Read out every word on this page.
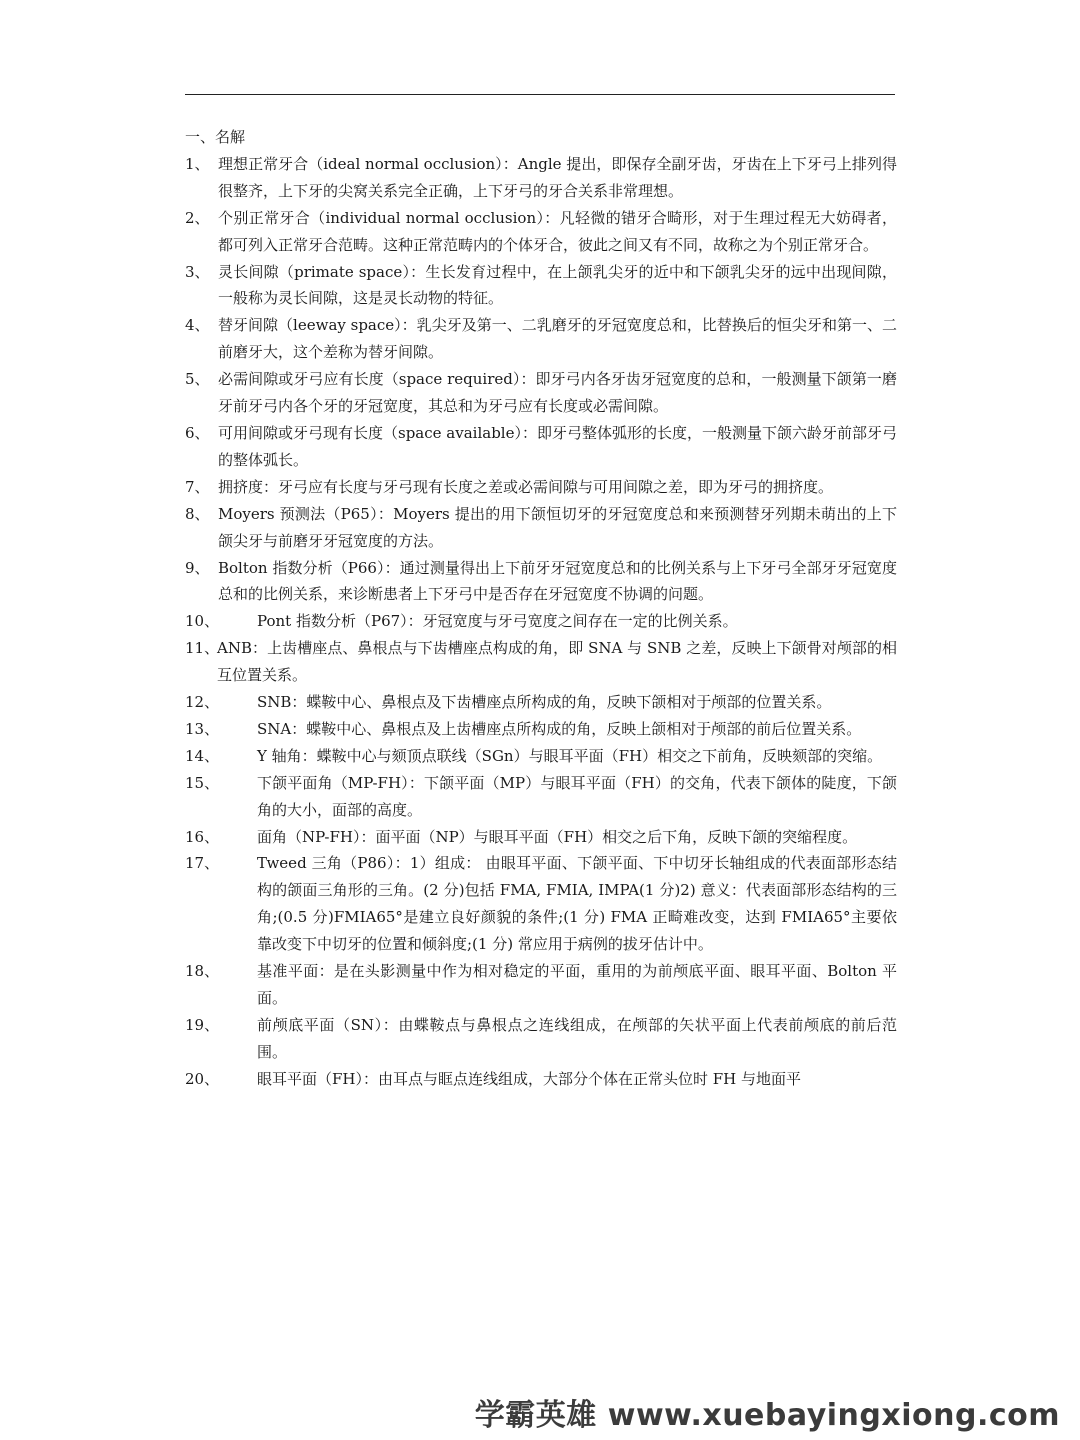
一、名解

1、 理想正常牙合（ideal normal occlusion）：Angle 提出，即保存全副牙齿，牙齿在上下牙弓上排列得很整齐，上下牙的尖窝关系完全正确，上下牙弓的牙合关系非常理想。
2、 个别正常牙合（individual normal occlusion）：凡轻微的错牙合畸形，对于生理过程无大妨碍者，都可列入正常牙合范畴。这种正常范畴内的个体牙合，彼此之间又有不同，故称之为个别正常牙合。
3、 灵长间隙（primate space）：生长发育过程中，在上颌乳尖牙的近中和下颌乳尖牙的远中出现间隙，一般称为灵长间隙，这是灵长动物的特征。
4、 替牙间隙（leeway space）：乳尖牙及第一、二乳磨牙的牙冠宽度总和，比替换后的恒尖牙和第一、二前磨牙大，这个差称为替牙间隙。
5、 必需间隙或牙弓应有长度（space required）：即牙弓内各牙齿牙冠宽度的总和，一般测量下颌第一磨牙前牙弓内各个牙的牙冠宽度，其总和为牙弓应有长度或必需间隙。
6、 可用间隙或牙弓现有长度（space available）：即牙弓整体弧形的长度，一般测量下颌六龄牙前部牙弓的整体弧长。
7、 拥挤度：牙弓应有长度与牙弓现有长度之差或必需间隙与可用间隙之差，即为牙弓的拥挤度。
8、 Moyers 预测法（P65）：Moyers 提出的用下颌恒切牙的牙冠宽度总和来预测替牙列期未萌出的上下颌尖牙与前磨牙牙冠宽度的方法。
9、 Bolton 指数分析（P66）：通过测量得出上下前牙牙冠宽度总和的比例关系与上下牙弓全部牙牙冠宽度总和的比例关系，来诊断患者上下牙弓中是否存在牙冠宽度不协调的问题。
10、	Pont 指数分析（P67）：牙冠宽度与牙弓宽度之间存在一定的比例关系。
11、
ANB：上齿槽座点、鼻根点与下齿槽座点构成的角，即 SNA 与 SNB 之差，反映上下颌骨对颅部的相互位置关系。
12、	SNB：蝶鞍中心、鼻根点及下齿槽座点所构成的角，反映下颌相对于颅部的位置关系。
13、	SNA：蝶鞍中心、鼻根点及上齿槽座点所构成的角，反映上颌相对于颅部的前后位置关系。
14、	Y 轴角：蝶鞍中心与颏顶点联线（SGn）与眼耳平面（FH）相交之下前角，反映颏部的突缩。
15、	下颌平面角（MP-FH）：下颌平面（MP）与眼耳平面（FH）的交角，代表下颌体的陡度，下颌角的大小，面部的高度。
16、	面角（NP-FH）：面平面（NP）与眼耳平面（FH）相交之后下角，反映下颌的突缩程度。
17、	Tweed 三角（P86）：1）组成： 由眼耳平面、下颌平面、下中切牙长轴组成的代表面部形态结构的颌面三角形的三角。(2 分)包括 FMA, FMIA, IMPA(1 分)2) 意义：代表面部形态结构的三角;(0.5 分)FMIA65°是建立良好颜貌的条件;(1 分) FMA 正畸难改变，达到 FMIA65°主要依靠改变下中切牙的位置和倾斜度;(1 分) 常应用于病例的拔牙估计中。
18、	基准平面：是在头影测量中作为相对稳定的平面，重用的为前颅底平面、眼耳平面、Bolton 平面。
19、	前颅底平面（SN）：由蝶鞍点与鼻根点之连线组成，在颅部的矢状平面上代表前颅底的前后范围。
20、	眼耳平面（FH）：由耳点与眶点连线组成，大部分个体在正常头位时 FH 与地面平
学霸英雄 www.xuebayingxiong.com
